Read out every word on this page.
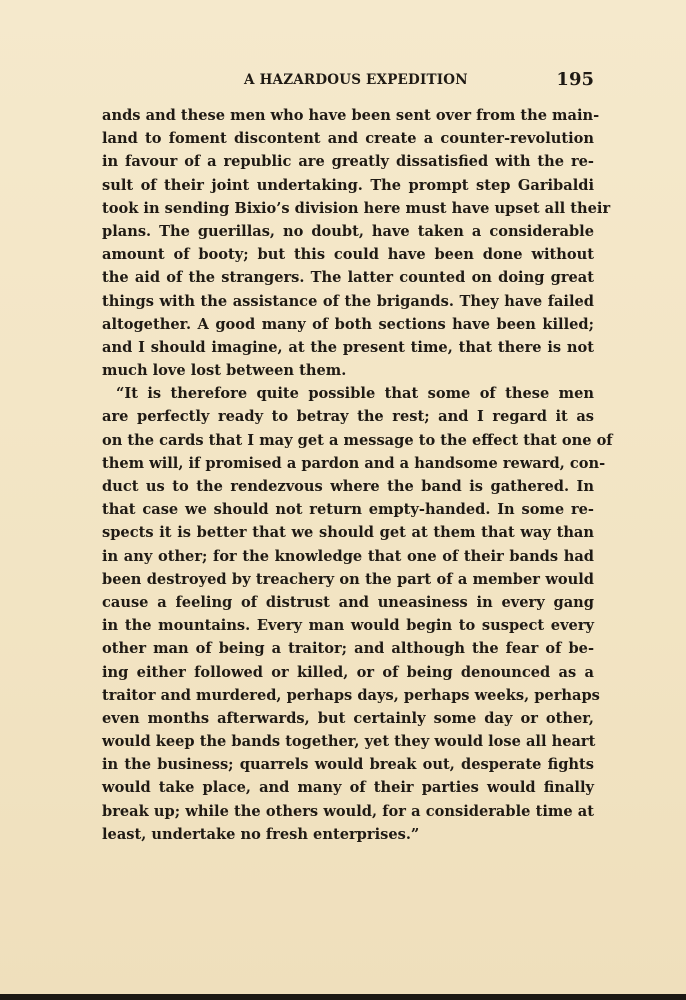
A HAZARDOUS EXPEDITION	195
ands and these men who have been sent over from the main-
land to foment discontent and create a counter-revolution
in favour of a republic are greatly dissatisfied with the re-
sult of their joint undertaking. The prompt step Garibaldi
took in sending Bixio’s division here must have upset all their
plans. The guerillas, no doubt, have taken a considerable
amount of booty; but this could have been done without
the aid of the strangers. The latter counted on doing great
things with the assistance of the brigands. They have failed
altogether. A good many of both sections have been killed;
and I should imagine, at the present time, that there is not
much love lost between them.
“It is therefore quite possible that some of these men
are perfectly ready to betray the rest; and I regard it as
on the cards that I may get a message to the effect that one of
them will, if promised a pardon and a handsome reward, con-
duct us to the rendezvous where the band is gathered. In
that case we should not return empty-handed. In some re-
spects it is better that we should get at them that way than
in any other; for the knowledge that one of their bands had
been destroyed by treachery on the part of a member would
cause a feeling of distrust and uneasiness in every gang
in the mountains. Every man would begin to suspect every
other man of being a traitor; and although the fear of be-
ing either followed or killed, or of being denounced as a
traitor and murdered, perhaps days, perhaps weeks, perhaps
even months afterwards, but certainly some day or other,
would keep the bands together, yet they would lose all heart
in the business; quarrels would break out, desperate fights
would take place, and many of their parties would finally
break up; while the others would, for a considerable time at
least, undertake no fresh enterprises.”
